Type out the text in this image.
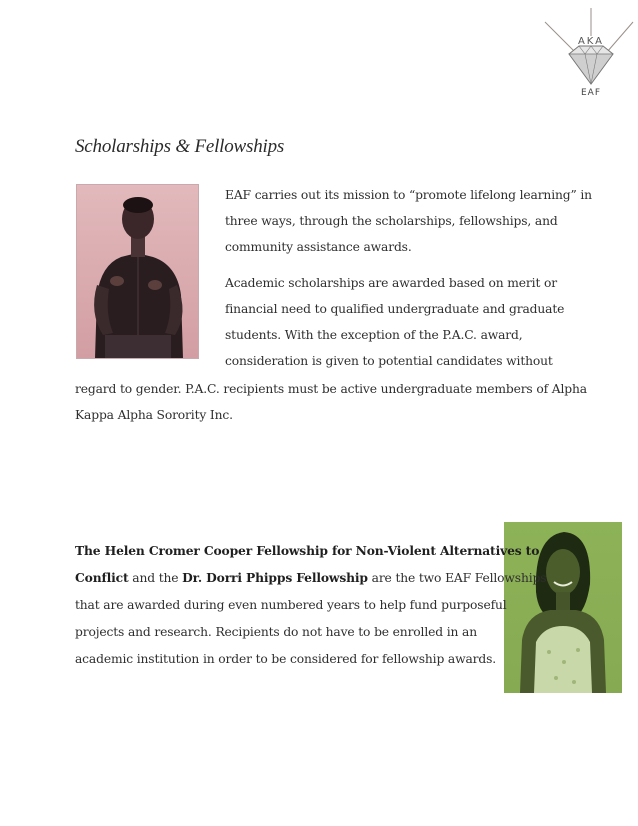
AKA
EAF
Scholarships & Fellowships
EAF carries out its mission to “promote lifelong learning” in
three ways, through the scholarships, fellowships, and
community assistance awards.
Academic scholarships are awarded based on merit or
financial need to qualified undergraduate and graduate
students. With the exception of the P.A.C. award,
consideration is given to potential candidates without
regard to gender. P.A.C. recipients must be active undergraduate members of Alpha
Kappa Alpha Sorority Inc.
The Helen Cromer Cooper Fellowship for Non-Violent Alternatives to
Conflict and the Dr. Dorri Phipps Fellowship are the two EAF Fellowships
that are awarded during even numbered years to help fund purposeful
projects and research. Recipients do not have to be enrolled in an
academic institution in order to be considered for fellowship awards.
